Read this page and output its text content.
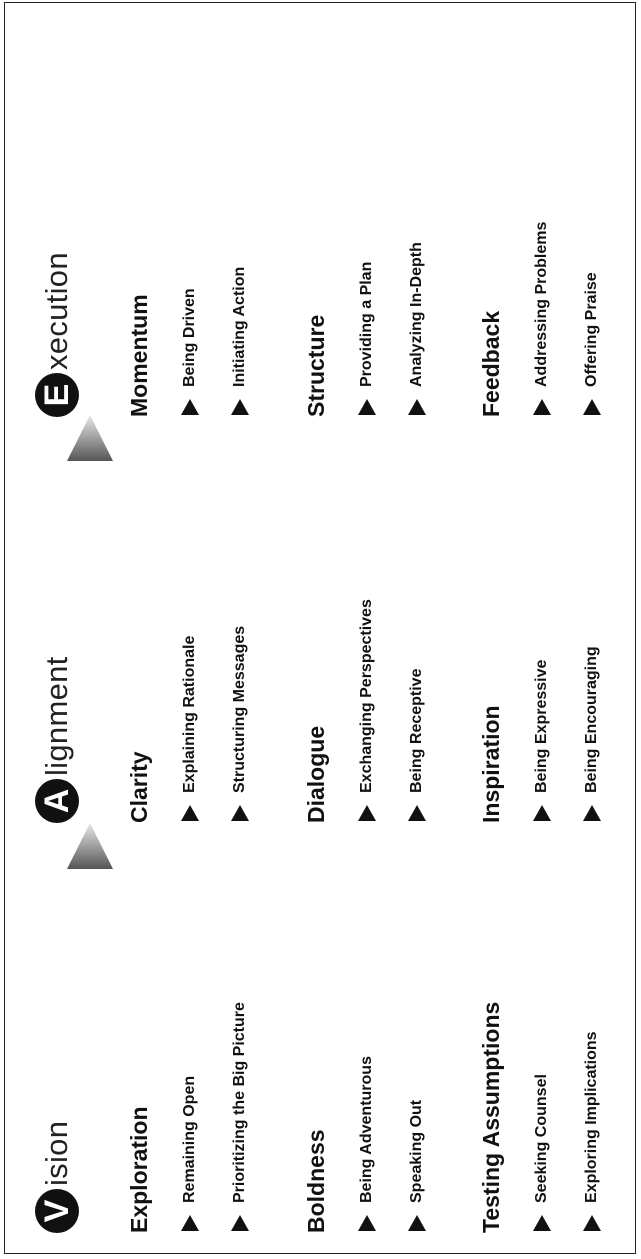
V
ision Exploration	Remaining Open	Prioritizing the Big Picture	Boldness	Being Adventurous	Speaking Out	Testing Assumptions	Seeking Counsel	Exploring Implications
A
lignment
Clarity	Explaining Rationale	Structuring Messages	Dialogue	Exchanging Perspectives	Being Receptive	Inspiration	Being Expressive	Being Encouraging
E
xecution Momentum	Being Driven	Initiating Action	Structure	Providing a Plan	Analyzing In-Depth	Feedback	Addressing Problems	Offering Praise
